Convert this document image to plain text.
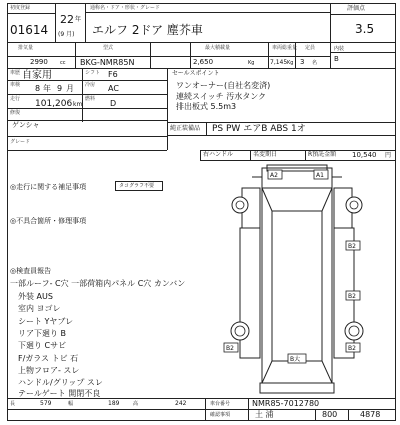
初度登録
01614
22 年
(9 月)
通称名・ドア・形状・グレード
エルフ 2ドア 塵芥車
評価点
3.5
内装
B
排気量
2990 cc
型式
BKG-NMR85N
最大積載量
2,650	Kg
車両総重量
7,145 Kg
定員
3 名
車歴 自家用	シフト F6
車検 8 年 9 月 冷房 AC
走行 101,206 km
燃料 D
修復
ゲンシャ
グレード
セールスポイント
ワンオーナー(自社名変済)
連続スイッチ 汚水タンク
排出板式 5.5m3
純正装備品 PS PW エアB ABS 1オ
右ハンドル	名変期日	R預託金額 10,540 円
◎走行に関する補足事項	タコグラフ不要
◎不具合箇所・修理事項
◎検査員報告
一部ルーフ- C穴 一部荷箱内パネル C穴 カンバン
外装 AUS
室内 ヨゴレ
シート Yヤブレ
リア下廻り B
下廻り Cサビ
F/ガラス トビ 石
上物フロア- スレ
ハンドル/グリップ スレ
テールゲート 開閉不良
A2	A1
B2
B2
B2
B2
B大
長	579	幅	189	高	242	車台番号	NMR85-7012780
確認事項	土 浦	800	4878
